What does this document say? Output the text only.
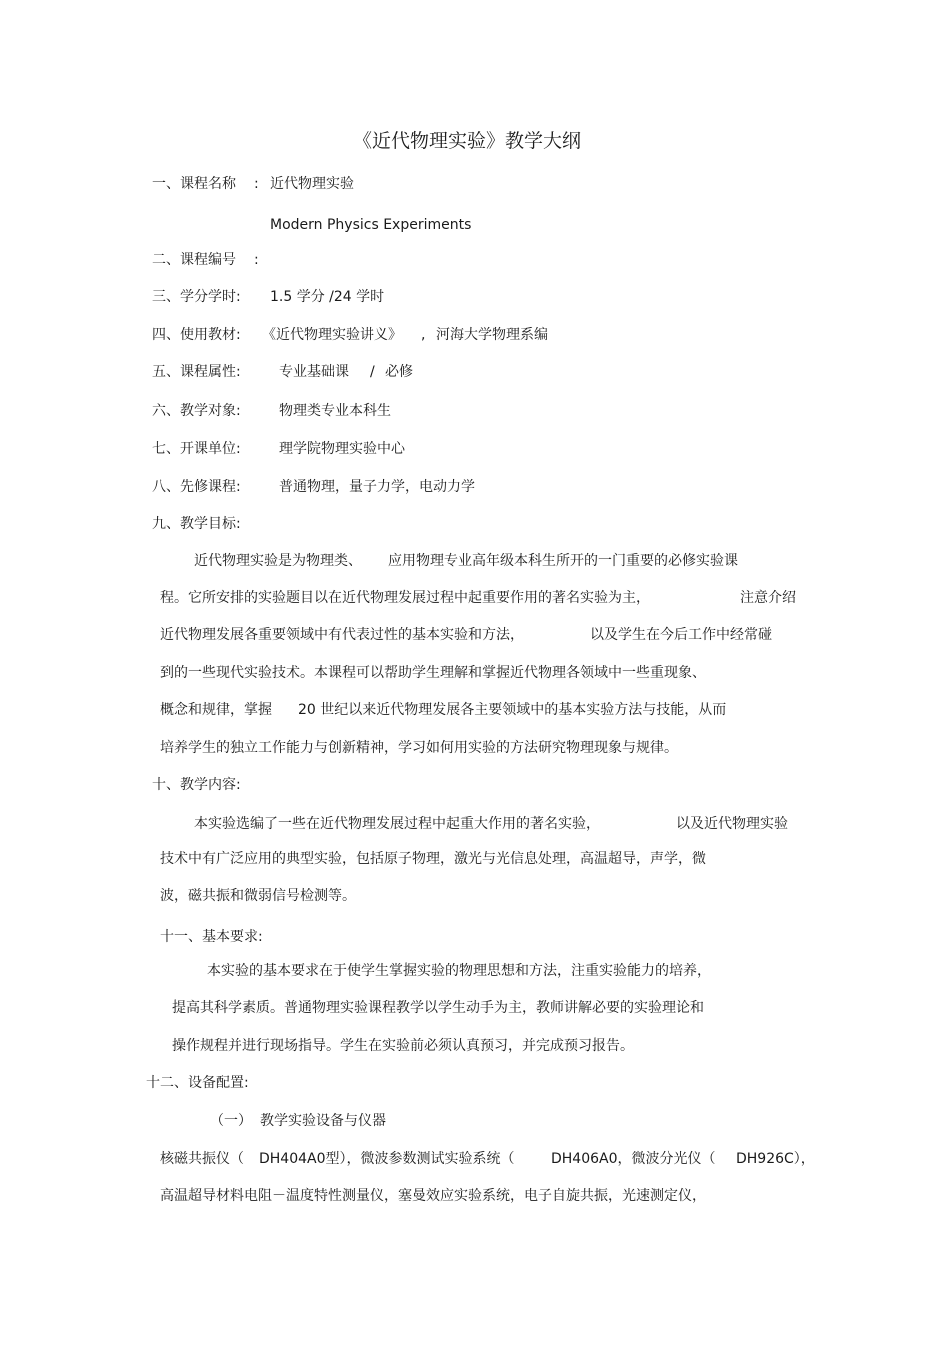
《近代物理实验》教学大纲
一、课程名称 : 近代物理实验
Modern Physics Experiments
二、课程编号 :
三、学分学时: 1.5 学分 /24 学时
四、使用教材: 《近代物理实验讲义》 , 河海大学物理系编
五、课程属性:	专业基础课 / 必修
六、教学对象:	物理类专业本科生
七、开课单位:	理学院物理实验中心
八、先修课程:	普通物理，量子力学，电动力学
九、教学目标:
近代物理实验是为物理类、 应用物理专业高年级本科生所开的一门重要的必修实验课
程。它所安排的实验题目以在近代物理发展过程中起重要作用的著名实验为主，	注意介绍
近代物理发展各重要领域中有代表过性的基本实验和方法，	以及学生在今后工作中经常碰
到的一些现代实验技术。本课程可以帮助学生理解和掌握近代物理各领域中一些重现象、
概念和规律，掌握 20 世纪以来近代物理发展各主要领域中的基本实验方法与技能，从而
培养学生的独立工作能力与创新精神，学习如何用实验的方法研究物理现象与规律。
十、教学内容:
本实验选编了一些在近代物理发展过程中起重大作用的著名实验，	以及近代物理实验
技术中有广泛应用的典型实验，包括原子物理，激光与光信息处理，高温超导，声学，微
波，磁共振和微弱信号检测等。
十一、基本要求:
本实验的基本要求在于使学生掌握实验的物理思想和方法，注重实验能力的培养，
提高其科学素质。普通物理实验课程教学以学生动手为主，教师讲解必要的实验理论和
操作规程并进行现场指导。学生在实验前必须认真预习，并完成预习报告。
十二、设备配置:
（一） 教学实验设备与仪器
核磁共振仪（ DH404A0型），微波参数测试实验系统（	DH406A0，微波分光仪（ DH926C），
高温超导材料电阻－温度特性测量仪，塞曼效应实验系统，电子自旋共振，光速测定仪，
